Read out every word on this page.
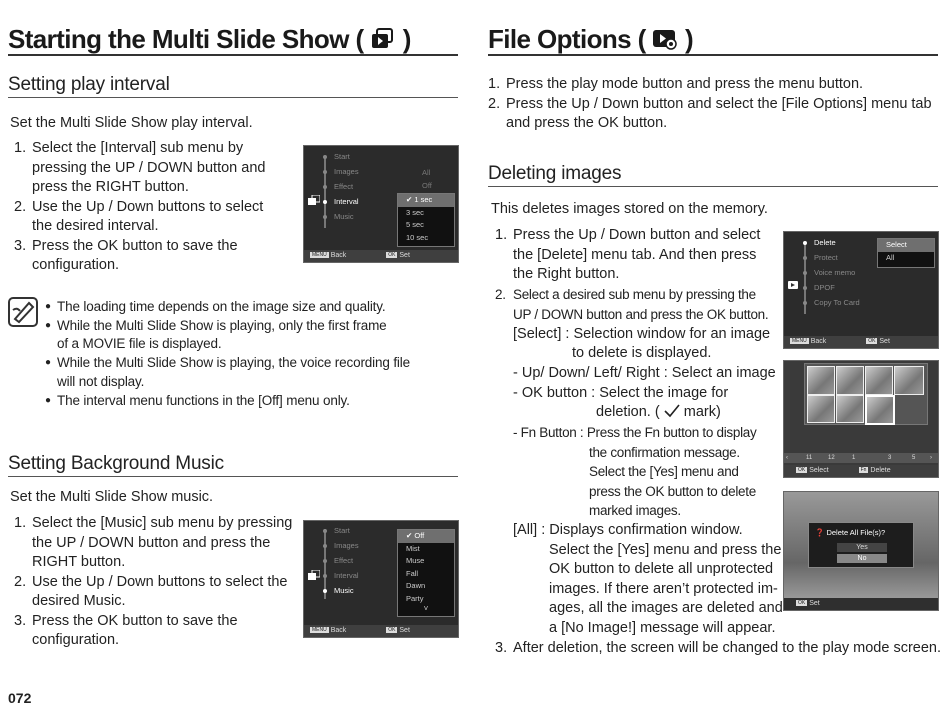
Starting the Multi Slide Show ( )
Setting play interval
Set the Multi Slide Show play interval.
1. Select the [Interval] sub menu by
pressing the UP / DOWN button and
press the RIGHT button.
2. Use the Up / Down buttons to select
the desired interval.
3. Press the OK button to save the
configuration.
Start
Images
Effect
Interval
Music
All
Off
✔ 1 sec
3 sec
5 sec
10 sec
MENU Back	OK Set
● The loading time depends on the image size and quality.
● While the Multi Slide Show is playing, only the first frame
of a MOVIE file is displayed.
● While the Multi Slide Show is playing, the voice recording file
will not display.
● The interval menu functions in the [Off] menu only.
Setting Background Music
Set the Multi Slide Show music.
1. Select the [Music] sub menu by pressing
the UP / DOWN button and press the
RIGHT button.
2. Use the Up / Down buttons to select the
desired Music.
3. Press the OK button to save the
configuration.
Start
Images
Effect
Interval
Music
✔ Off
Mist
Muse
Fall
Dawn
Party
˅
MENU Back	OK Set
072
File Options ( )
1. Press the play mode button and press the menu button.
2. Press the Up / Down button and select the [File Options] menu tab
and press the OK button.
Deleting images
This deletes images stored on the memory.
1. Press the Up / Down button and select
the [Delete] menu tab. And then press
the Right button.
2. Select a desired sub menu by pressing the
UP / DOWN button and press the OK button.
[Select] : Selection window for an image
to delete is displayed.
- Up/ Down/ Left/ Right : Select an image
- OK button : Select the image for
deletion. ( mark)
- Fn Button : Press the Fn button to display
the confirmation message.
Select the [Yes] menu and
press the OK button to delete
marked images.
[All] : Displays confirmation window.
Select the [Yes] menu and press the
OK button to delete all unprotected
images. If there aren’t protected im-
ages, all the images are deleted and
a [No Image!] message will appear.
3. After deletion, the screen will be changed to the play mode screen.
Delete
Protect
Voice memo
DPOF
Copy To Card
Select
All
MENU Back	OK Set
‹	11	12	1	3	5 ›
OK Select	Fn Delete
❓ Delete All File(s)?
Yes
No
OK Set
